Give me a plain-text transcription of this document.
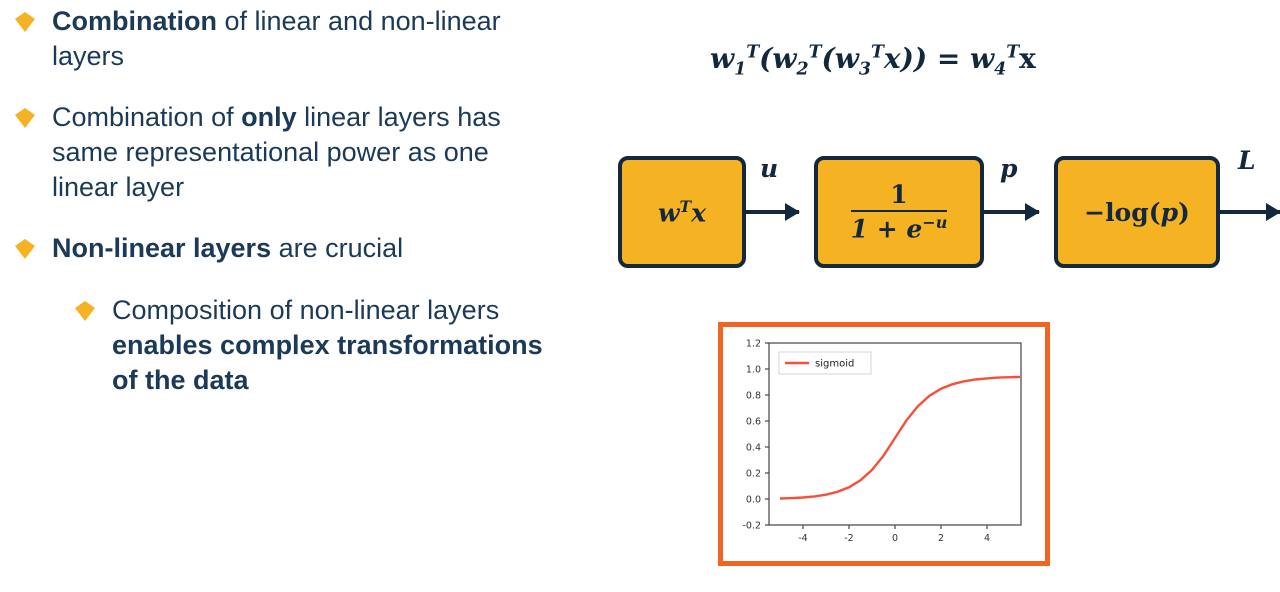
Combination of linear and non-linear layers
Combination of only linear layers has same representational power as one linear layer
Non-linear layers are crucial
Composition of non-linear layers enables complex transformations of the data
$w_1^T(w_2^T(w_3^Tx)) = w_4^Tx$
$w^Tx$
u
$\frac{1}{1 + e^{-u}}$
p
−log(p)
L
-0.2
0.0
0.2
0.4
0.6
0.8
1.0
1.2
-4	-2	0	2	4
sigmoid
